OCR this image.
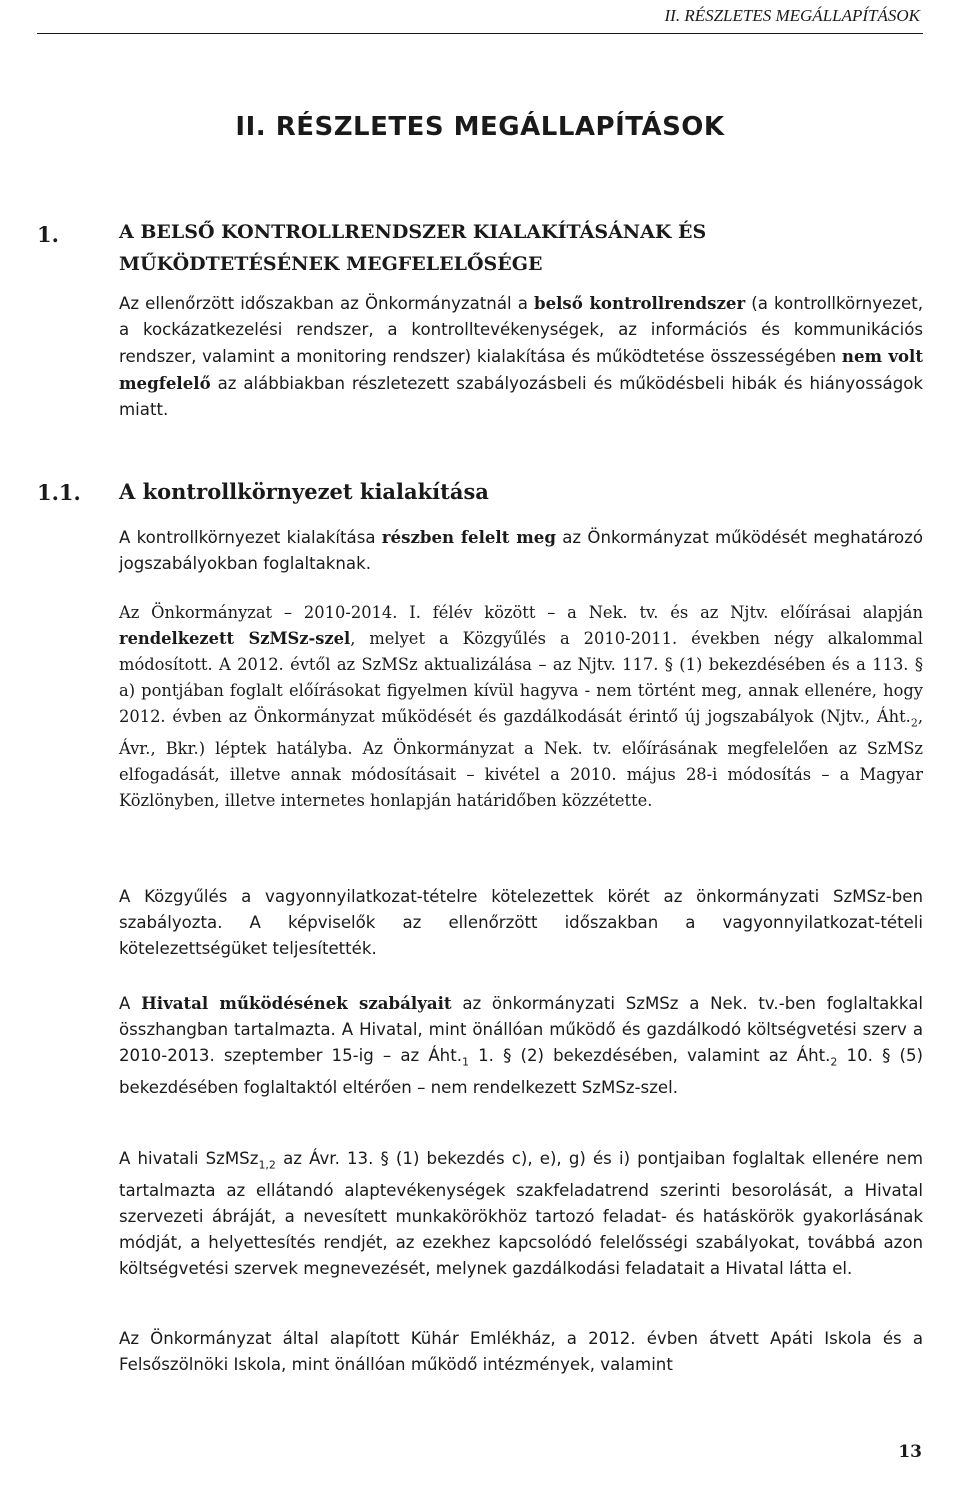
II. RÉSZLETES MEGÁLLAPÍTÁSOK
II. RÉSZLETES MEGÁLLAPÍTÁSOK
1.	A BELSŐ KONTROLLRENDSZER KIALAKÍTÁSÁNAK ÉS MŰKÖDTETÉSÉNEK MEGFELELŐSÉGE

Az ellenőrzött időszakban az Önkormányzatnál a belső kontrollrendszer (a kontrollkörnyezet, a kockázatkezelési rendszer, a kontrolltevékenységek, az információs és kommunikációs rendszer, valamint a monitoring rendszer) kialakítása és működtetése összességében nem volt megfelelő az alábbiakban részletezett szabályozásbeli és működésbeli hibák és hiányosságok miatt.

1.1. A kontrollkörnyezet kialakítása

A kontrollkörnyezet kialakítása részben felelt meg az Önkormányzat működését meghatározó jogszabályokban foglaltaknak.

Az Önkormányzat – 2010-2014. I. félév között – a Nek. tv. és az Njtv. előírásai alapján rendelkezett SzMSz-szel, melyet a Közgyűlés a 2010-2011. években négy alkalommal módosított. A 2012. évtől az SzMSz aktualizálása – az Njtv. 117. § (1) bekezdésében és a 113. § a) pontjában foglalt előírásokat figyelmen kívül hagyva - nem történt meg, annak ellenére, hogy 2012. évben az Önkormányzat működését és gazdálkodását érintő új jogszabályok (Njtv., $Áht._2$, Ávr., Bkr.) léptek hatályba. Az Önkormányzat a Nek. tv. előírásának megfelelően az SzMSz elfogadását, illetve annak módosításait – kivétel a 2010. május 28-i módosítás – a Magyar Közlönyben, illetve internetes honlapján határidőben közzétette.

A Közgyűlés a vagyonnyilatkozat-tételre kötelezettek körét az önkormányzati SzMSz-ben szabályozta. A képviselők az ellenőrzött időszakban a vagyonnyilatkozat-tételi kötelezettségüket teljesítették.

A Hivatal működésének szabályait az önkormányzati SzMSz a Nek. tv.-ben foglaltakkal összhangban tartalmazta. A Hivatal, mint önállóan működő és gazdálkodó költségvetési szerv a 2010-2013. szeptember 15-ig – az $Áht._1$ 1. § (2) bekezdésében, valamint az $Áht._2$ 10. § (5) bekezdésében foglaltaktól eltérően – nem rendelkezett SzMSz-szel.

A hivatali SzMSz$_{1,2}$ az Ávr. 13. § (1) bekezdés c), e), g) és i) pontjaiban foglaltak ellenére nem tartalmazta az ellátandó alaptevékenységek szakfeladatrend szerinti besorolását, a Hivatal szervezeti ábráját, a nevesített munkakörökhöz tartozó feladat- és hatáskörök gyakorlásának módját, a helyettesítés rendjét, az ezekhez kapcsolódó felelősségi szabályokat, továbbá azon költségvetési szervek megnevezését, melynek gazdálkodási feladatait a Hivatal látta el.

Az Önkormányzat által alapított Kühár Emlékház, a 2012. évben átvett Apáti Iskola és a Felsőszölnöki Iskola, mint önállóan működő intézmények, valamint

13
